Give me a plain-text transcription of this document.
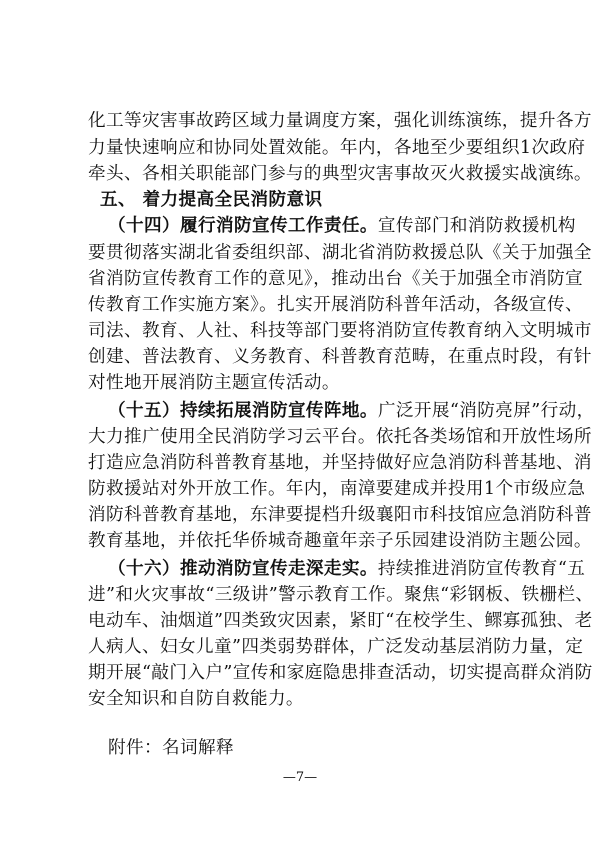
化工等灾害事故跨区域力量调度方案，强化训练演练，提升各方
力量快速响应和协同处置效能。年内，各地至少要组织1次政府
牵头、各相关职能部门参与的典型灾害事故灭火救援实战演练。
五、 着力提高全民消防意识
（十四）履行消防宣传工作责任。宣传部门和消防救援机构
要贯彻落实湖北省委组织部、湖北省消防救援总队《关于加强全
省消防宣传教育工作的意见》，推动出台《关于加强全市消防宣
传教育工作实施方案》。扎实开展消防科普年活动，各级宣传、
司法、教育、人社、科技等部门要将消防宣传教育纳入文明城市
创建、普法教育、义务教育、科普教育范畴，在重点时段，有针
对性地开展消防主题宣传活动。
（十五）持续拓展消防宣传阵地。广泛开展“消防亮屏”行动，
大力推广使用全民消防学习云平台。依托各类场馆和开放性场所
打造应急消防科普教育基地，并坚持做好应急消防科普基地、消
防救援站对外开放工作。年内，南漳要建成并投用1个市级应急
消防科普教育基地，东津要提档升级襄阳市科技馆应急消防科普
教育基地，并依托华侨城奇趣童年亲子乐园建设消防主题公园。
（十六）推动消防宣传走深走实。持续推进消防宣传教育“五
进”和火灾事故“三级讲”警示教育工作。聚焦“彩钢板、铁栅栏、
电动车、油烟道”四类致灾因素，紧盯“在校学生、鳏寡孤独、老
人病人、妇女儿童”四类弱势群体，广泛发动基层消防力量，定
期开展“敲门入户”宣传和家庭隐患排查活动，切实提高群众消防
安全知识和自防自救能力。
附件：名词解释
—7—
